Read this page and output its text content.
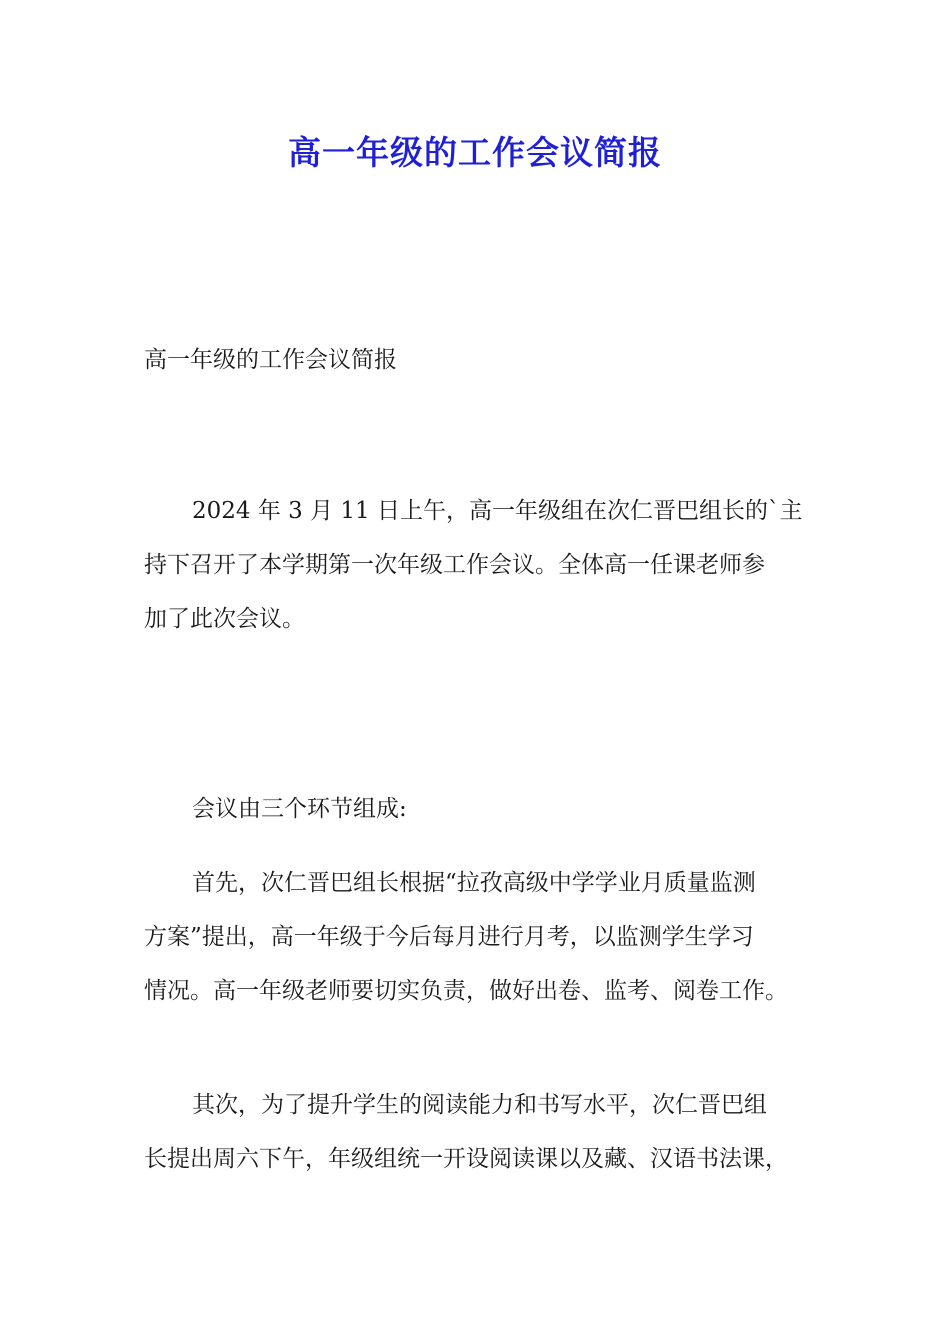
高一年级的工作会议简报
高一年级的工作会议简报
2024 年 3 月 11 日上午，高一年级组在次仁晋巴组长的`主
持下召开了本学期第一次年级工作会议。全体高一任课老师参
加了此次会议。
会议由三个环节组成:
首先，次仁晋巴组长根据“拉孜高级中学学业月质量监测
方案”提出，高一年级于今后每月进行月考，以监测学生学习
情况。高一年级老师要切实负责，做好出卷、监考、阅卷工作。
其次，为了提升学生的阅读能力和书写水平，次仁晋巴组
长提出周六下午，年级组统一开设阅读课以及藏、汉语书法课，
